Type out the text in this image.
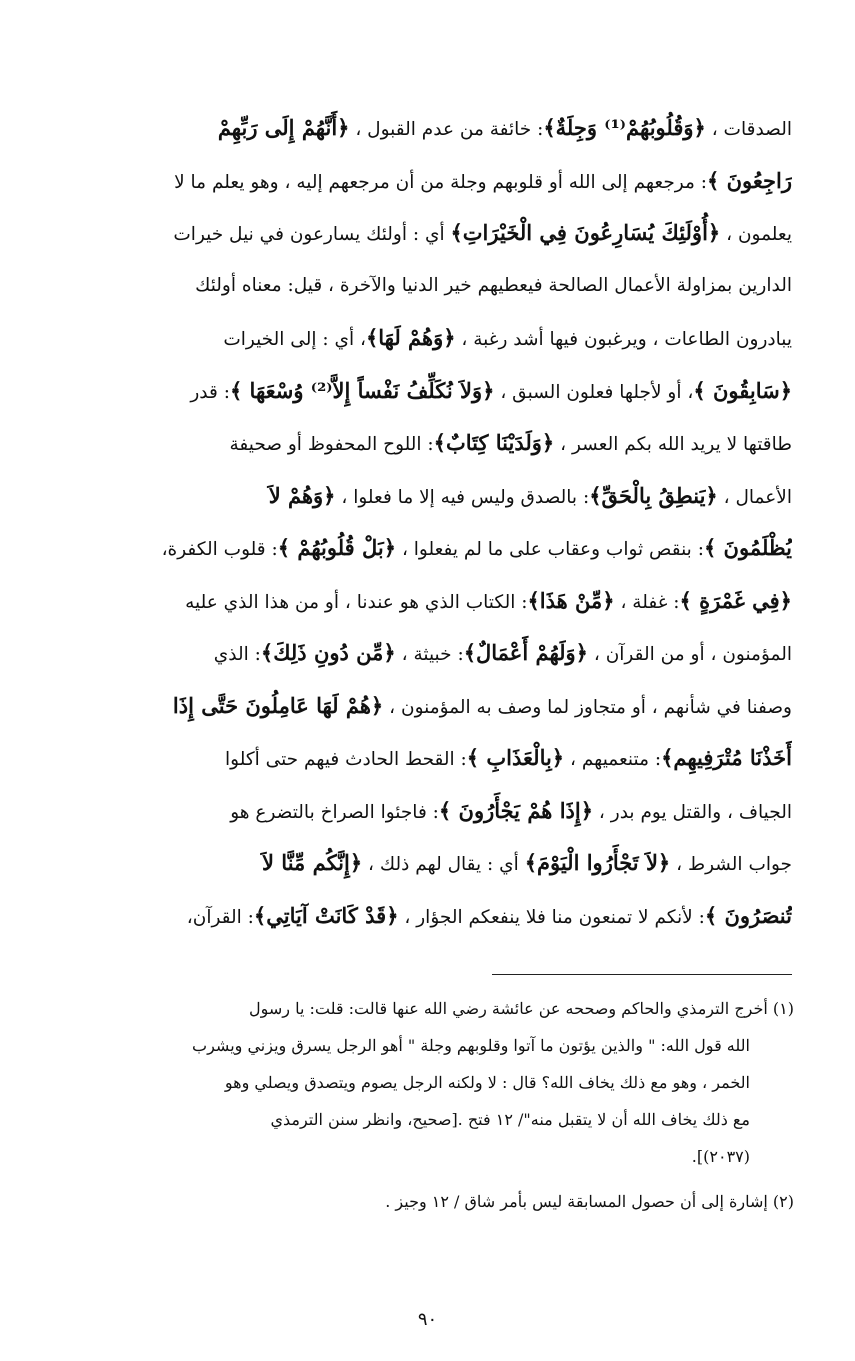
الصدقات ، ﴿وَقُلُوبُهُمْ⁽¹⁾ وَجِلَةٌ﴾: خائفة من عدم القبول ، ﴿أَنَّهُمْ إِلَى رَبِّهِمْ
رَاجِعُونَ ﴾: مرجعهم إلى الله أو قلوبهم وجلة من أن مرجعهم إليه ، وهو يعلم ما لا
يعلمون ، ﴿أُوْلَئِكَ يُسَارِعُونَ فِي الْخَيْرَاتِ﴾ أي : أولئك يسارعون في نيل خيرات
الدارين بمزاولة الأعمال الصالحة فيعطيهم خير الدنيا والآخرة ، قيل: معناه أولئك
يبادرون الطاعات ، ويرغبون فيها أشد رغبة ، ﴿وَهُمْ لَهَا﴾، أي : إلى الخيرات
﴿سَابِقُونَ ﴾، أو لأجلها فعلون السبق ، ﴿وَلاَ نُكَلِّفُ نَفْساً إِلاَّ⁽²⁾ وُسْعَهَا ﴾: قدر
طاقتها لا يريد الله بكم العسر ، ﴿وَلَدَيْنَا كِتَابٌ﴾: اللوح المحفوظ أو صحيفة
الأعمال ، ﴿يَنطِقُ بِالْحَقِّ﴾: بالصدق وليس فيه إلا ما فعلوا ، ﴿وَهُمْ لاَ
يُظْلَمُونَ ﴾: بنقص ثواب وعقاب على ما لم يفعلوا ، ﴿بَلْ قُلُوبُهُمْ ﴾: قلوب الكفرة،
﴿فِي غَمْرَةٍ ﴾: غفلة ، ﴿مِّنْ هَذَا﴾: الكتاب الذي هو عندنا ، أو من هذا الذي عليه
المؤمنون ، أو من القرآن ، ﴿وَلَهُمْ أَعْمَالٌ﴾: خبيثة ، ﴿مِّن دُونِ ذَلِكَ﴾: الذي
وصفنا في شأنهم ، أو متجاوز لما وصف به المؤمنون ، ﴿هُمْ لَهَا عَامِلُونَ حَتَّى إِذَا
أَخَذْنَا مُتْرَفِيهِم﴾: متنعميهم ، ﴿بِالْعَذَابِ ﴾: القحط الحادث فيهم حتى أكلوا
الجياف ، والقتل يوم بدر ، ﴿إِذَا هُمْ يَجْأَرُونَ ﴾: فاجئوا الصراخ بالتضرع هو
جواب الشرط ، ﴿لاَ تَجْأَرُوا الْيَوْمَ﴾ أي : يقال لهم ذلك ، ﴿إِنَّكُم مِّنَّا لاَ
تُنصَرُونَ ﴾: لأنكم لا تمنعون منا فلا ينفعكم الجؤار ، ﴿قَدْ كَانَتْ آيَاتِي﴾: القرآن،
(١) أخرج الترمذي والحاكم وصححه عن عائشة رضي الله عنها قالت: قلت: يا رسول
الله قول الله: " والذين يؤتون ما آتوا وقلوبهم وجلة " أهو الرجل يسرق ويزني ويشرب
الخمر ، وهو مع ذلك يخاف الله؟ قال : لا ولكنه الرجل يصوم ويتصدق ويصلي وهو
مع ذلك يخاف الله أن لا يتقبل منه"/ ١٢ فتح .[صحيح، وانظر سنن الترمذي
(٢٠٣٧)].
(٢) إشارة إلى أن حصول المسابقة ليس بأمر شاق / ١٢ وجيز .
٩٠
